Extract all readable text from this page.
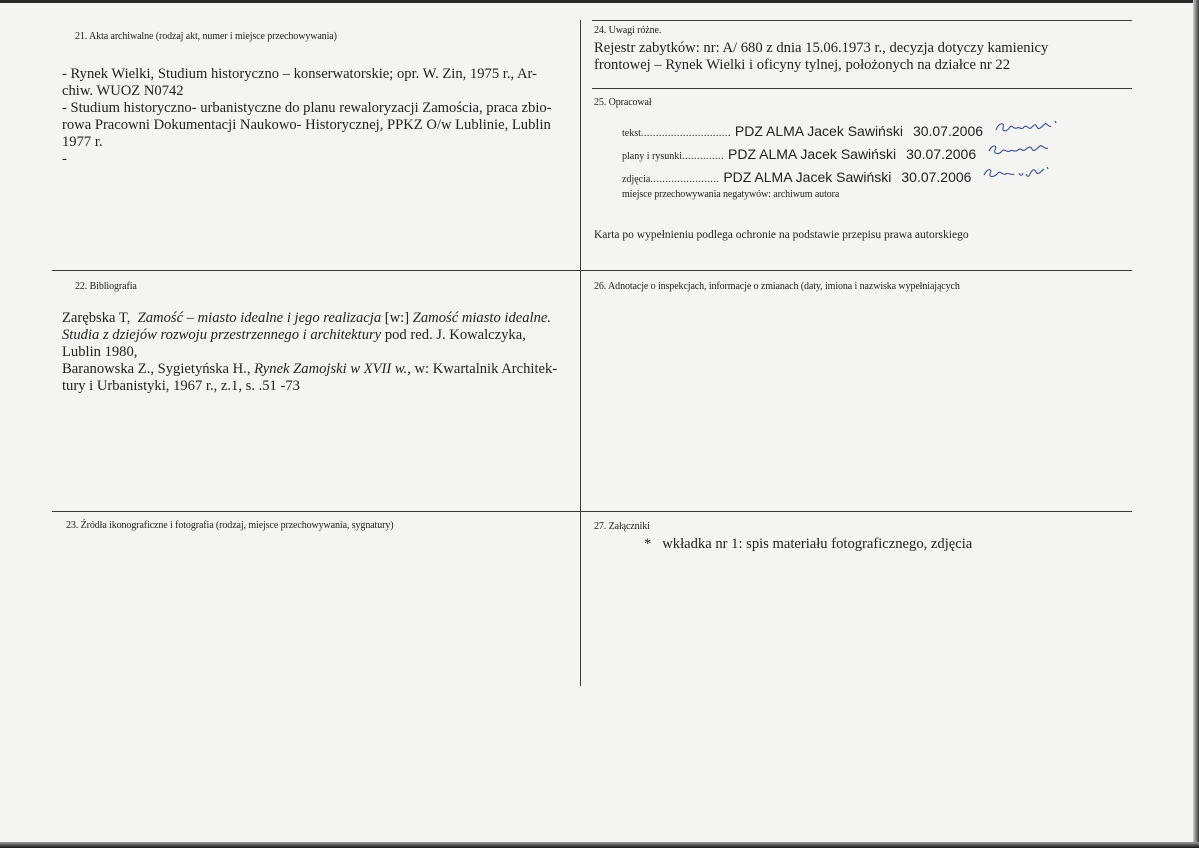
21. Akta archiwalne (rodzaj akt, numer i miejsce przechowywania)
- Rynek Wielki, Studium historyczno – konserwatorskie; opr. W. Zin, 1975 r., Ar-
chiw. WUOZ N0742
- Studium historyczno- urbanistyczne do planu rewaloryzacji Zamościa, praca zbio-
rowa Pracowni Dokumentacji Naukowo- Historycznej, PPKZ O/w Lublinie, Lublin
1977 r.
-
22. Bibliografia
Zarębska T, Zamość – miasto idealne i jego realizacja [w:] Zamość miasto idealne.
Studia z dziejów rozwoju przestrzennego i architektury pod red. J. Kowalczyka,
Lublin 1980,
Baranowska Z., Sygietyńska H., Rynek Zamojski w XVII w., w: Kwartalnik Architek-
tury i Urbanistyki, 1967 r., z.1, s. .51 -73
23. Źródła ikonograficzne i fotografia (rodzaj, miejsce przechowywania, sygnatury)
24. Uwagi różne.
Rejestr zabytków: nr: A/ 680 z dnia 15.06.1973 r., decyzja dotyczy kamienicy
frontowej – Rynek Wielki i oficyny tylnej, położonych na działce nr 22
25. Opracował
tekst .............................. PDZ ALMA Jacek Sawiński 30.07.2006
plany i rysunki .............. PDZ ALMA Jacek Sawiński 30.07.2006
zdjęcia ....................... PDZ ALMA Jacek Sawiński 30.07.2006
miejsce przechowywania negatywów: archiwum autora
Karta po wypełnieniu podlega ochronie na podstawie przepisu prawa autorskiego
26. Adnotacje o inspekcjach, informacje o zmianach (daty, imiona i nazwiska wypełniających
27. Załączniki
* wkładka nr 1: spis materiału fotograficznego, zdjęcia
